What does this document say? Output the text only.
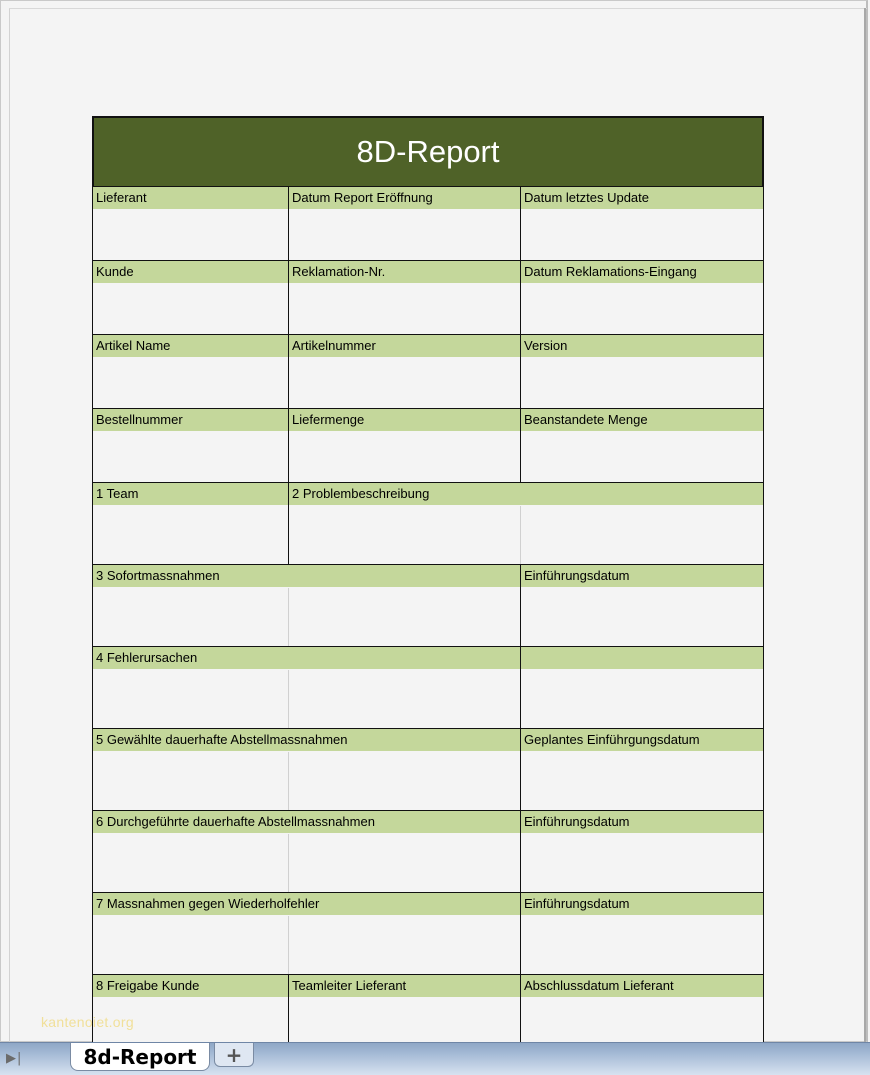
8D-Report
Lieferant	Datum Report Eröffnung	Datum letztes Update
Kunde	Reklamation-Nr.	Datum Reklamations-Eingang
Artikel Name	Artikelnummer	Version
Bestellnummer	Liefermenge	Beanstandete Menge
1 Team	2 Problembeschreibung
3 Sofortmassnahmen	Einführungsdatum
4 Fehlerursachen
5 Gewählte dauerhafte Abstellmassnahmen	Geplantes Einführgungsdatum
6 Durchgeführte dauerhafte Abstellmassnahmen	Einführungsdatum
7 Massnahmen gegen Wiederholfehler	Einführungsdatum
8 Freigabe Kunde	Teamleiter Lieferant	Abschlussdatum Lieferant
kantenoiet.org
▶|	8d-Report	+
